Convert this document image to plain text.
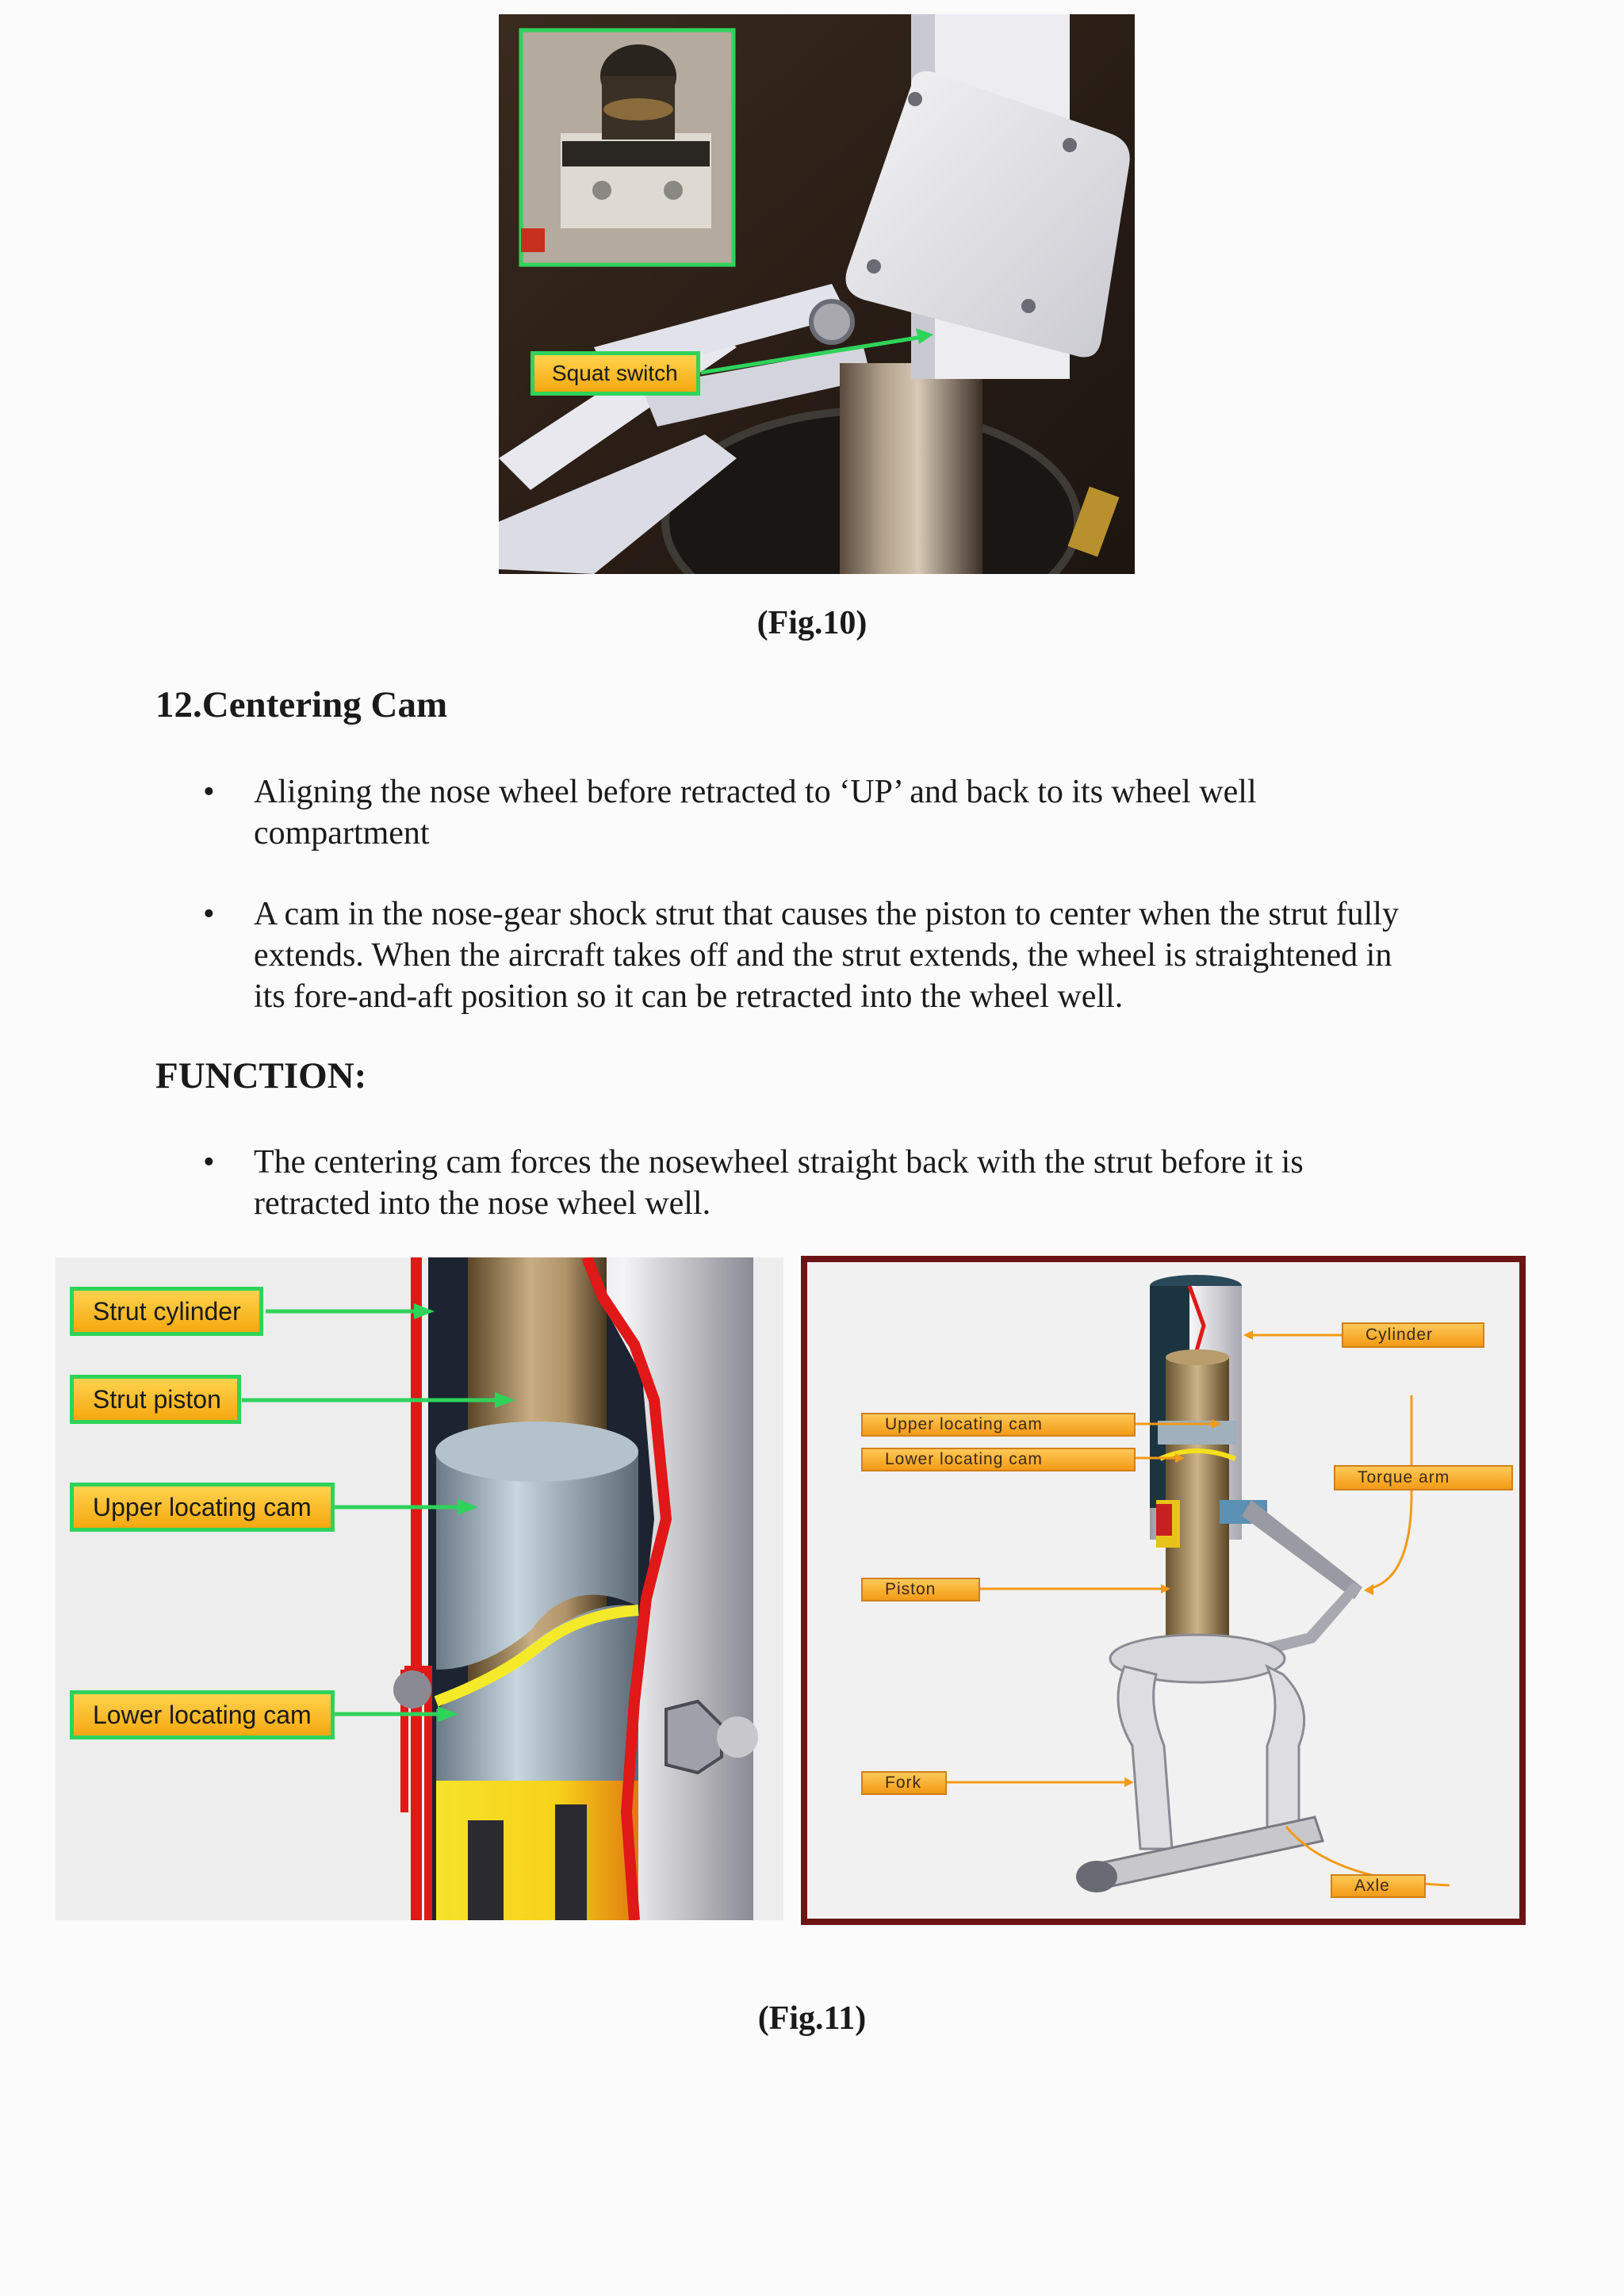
Squat switch
(Fig.10)
12.Centering Cam
• Aligning the nose wheel before retracted to ‘UP’ and back to its wheel well compartment
• A cam in the nose-gear shock strut that causes the piston to center when the strut fully extends. When the aircraft takes off and the strut extends, the wheel is straightened in its fore-and-aft position so it can be retracted into the wheel well.
FUNCTION:
• The centering cam forces the nosewheel straight back with the strut before it is retracted into the nose wheel well.
Strut cylinder
Strut piston
Upper locating cam
Lower locating cam
Cylinder
Upper locating cam
Lower locating cam
Torque arm
Piston
Fork
Axle
(Fig.11)
